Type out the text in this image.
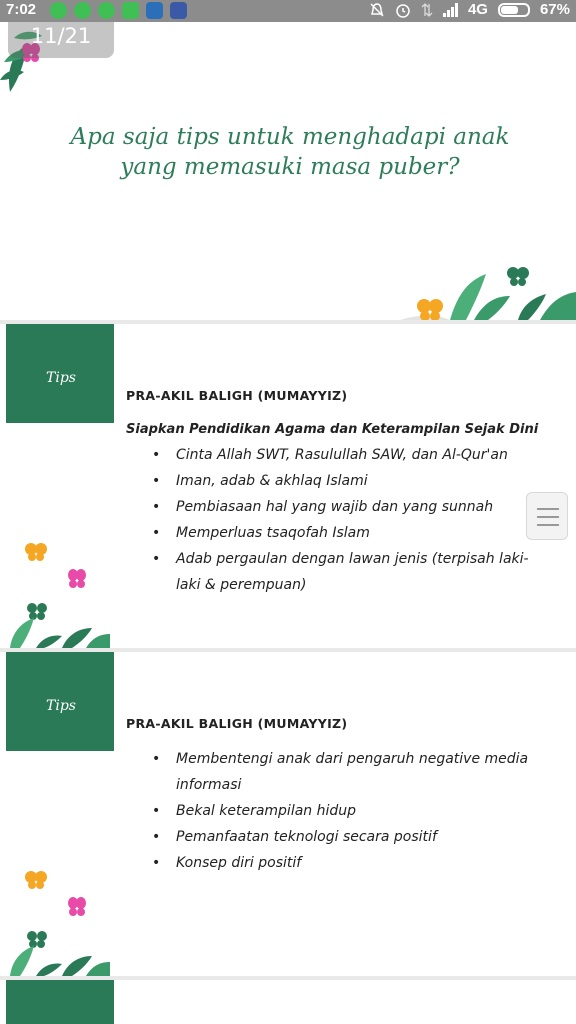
7:02	4G	67%
11/21
Apa saja tips untuk menghadapi anak yang memasuki masa puber?
Tips
PRA-AKIL BALIGH (MUMAYYIZ)
Siapkan Pendidikan Agama dan Keterampilan Sejak Dini
• Cinta Allah SWT, Rasulullah SAW, dan Al-Qur'an
• Iman, adab & akhlaq Islami
• Pembiasaan hal yang wajib dan yang sunnah
• Memperluas tsaqofah Islam
• Adab pergaulan dengan lawan jenis (terpisah laki-laki & perempuan)
Tips
PRA-AKIL BALIGH (MUMAYYIZ)
• Membentengi anak dari pengaruh negative media informasi
• Bekal keterampilan hidup
• Pemanfaatan teknologi secara positif
• Konsep diri positif
